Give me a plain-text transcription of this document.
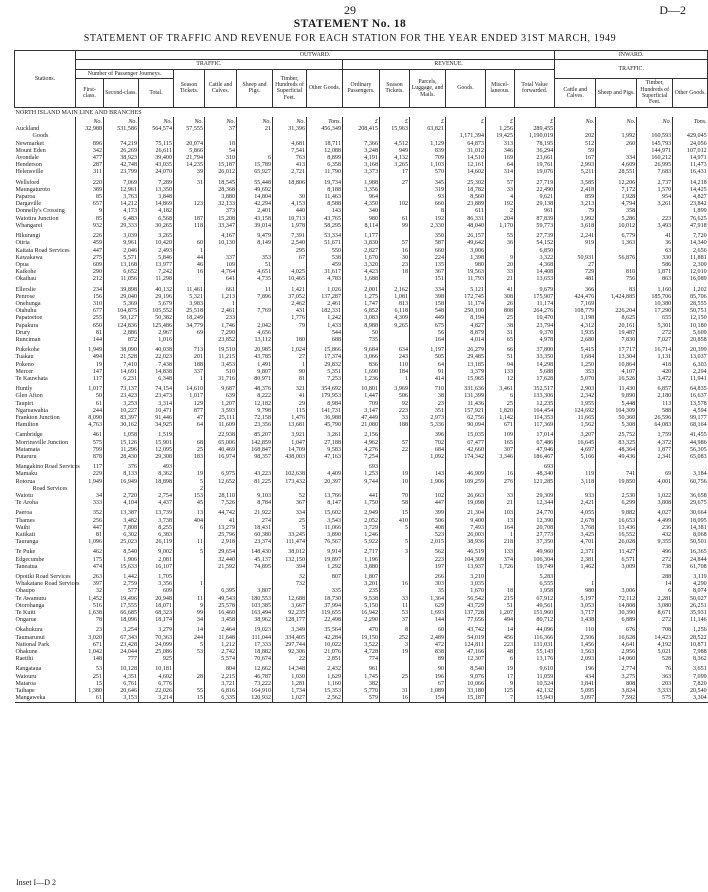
29	D—2
STATEMENT No. 18
STATEMENT OF TRAFFIC AND REVENUE FOR EACH STATION FOR THE YEAR ENDED 31ST MARCH, 1949
Stations.	OUTWARD.														INWARD.			
	TRAFFIC.								REVENUE.						TRAFFIC.			
	Number of Passenger Journeys.			Season Tickets.	Cattle and Calves.	Sheep and Pigs.	Timber, Hundreds of Superficial Feet.	Other Goods.	Ordinary Passengers.	Season Tickets.	Parcels, Luggage, and Mails.	Goods.	Miscel-laneous.	Total Value forwarded.				
	First-class.	Second-class.	Total.												Cattle and Calves.	Sheep and Pigs.	Timber, Hundreds of Superficial Feet.	Other Goods.
NORTH ISLAND MAIN LINE AND BRANCHES																		
	No.	No.	No.	No.	No.	No.	No.	Tons.	£	£	£	£	£	£	No.	No.	No.	Tons.
Auckland	32,988	531,586	564,574	57,555	37	21	31,396	456,349	208,415	15,963	63,821		1,256	289,455				
Goods												1,171,394	19,425	1,190,019	202	1,992	160,593	429,045
Newmarket	896	74,219	75,115	20,074	18		4,681	18,711	7,366	4,512	1,129	64,873	313	78,195	512	260	145,793	24,056
Mount Eden	342	26,269	26,611	5,866	54		7,541	12,088	3,248	949	839	31,012	346	36,294	59		144,971	107,012
Avondale	477	38,923	39,400	21,794	310	6	763	8,899	4,191	4,132	709	14,510	169	23,661	167	334	160,212	14,971
Henderson	287	42,748	43,035	14,235	15,187	15,789	413	6,358	3,168	3,265	1,103	12,161	64	19,761	2,993	4,609	26,995	11,473
Helensville	311	23,799	24,070	39	26,012	65,927	2,721	11,790	3,373	17	570	14,602	314	19,076	5,211	28,551	7,683	16,431

Wellsford	220	7,069	7,289	31	18,545	55,448	18,806	19,734	1,988	27	345	25,302	57	27,719	3,585	12,206	2,737	14,218
Maungaturoto	389	12,961	13,350		28,368	49,692		8,188	3,356		319	18,782	33	22,490	2,418	7,172	1,570	14,425
Paparoa	85	3,763	3,848		3,880	14,804	30	11,463	964		93	8,560	4	9,621	859	1,928	954	4,827
Dargaville	657	14,212	14,869	123	32,133	42,294	4,153	8,588	4,350	102	660	23,889	192	29,138	3,213	4,794	3,261	23,842
Donnelly's Crossing	9	4,173	4,182		373	2,401	440	143	340		8	611	2	961	79	358		1,899
Waiotira Junction	85	6,483	6,568	187	15,208	43,158	10,713	43,765	980	61	192	86,331	204	87,839	1,992	5,286	223	76,625
Whangarei	932	29,333	30,265	118	33,347	39,014	1,978	58,295	8,114	99	2,330	48,040	1,170	59,773	3,618	10,012	3,493	47,918

Hikurangi	226	3,039	3,265		4,167	9,479	7,391	53,334	1,177		350	26,157	55	27,739	2,241	6,779	41	7,720
Otiria	459	9,961	10,420	60	10,130	8,149	2,540	51,671	3,830	57	587	49,642	36	54,152	919	1,363	36	14,340
Kaitaia Road Services	447	2,046	2,493	1			295	550	2,827	16	660	3,006		6,850			63	2,656
Kawakawa	275	5,571	5,846	44	337	353	67	538	1,670	30	224	1,398	9	3,322	50,931	56,876	330	11,881
Opua	609	13,168	13,977	46	109	51		459	3,320	23	135	980	20	4,368	27		586	2,300
Kaikohe	290	6,652	7,242	16	4,764	4,651	4,025	31,617	4,423	18	367	19,563	33	14,408	729	810	1,871	12,010
Okaihau	212	11,056	11,298		641	4,735	10,465	4,783	1,688		151	11,793	21	13,653	481	756	863	16,089

Ellerslie	234	39,898	40,132	11,461	661	11	1,421	1,026	2,001	2,162	334	5,121	41	9,679	366	83	1,160	1,202
Penrose	156	29,040	29,196	5,321	1,213	7,896	37,052	137,287	1,275	1,081	398	172,745	308	175,907	424,476	1,424,885	185,706	85,706
Onehunga	310	5,369	5,679	3,983	1		2,462	2,461	1,747	813	158	11,174	26	11,174	7,169		10,380	28,555
Otahuhu	677	104,875	105,552	25,518	2,461	7,769	431	182,331	6,852	6,118	548	250,100	808	264,276	108,779	226,204	17,290	50,751
Papatoetoe	255	50,127	50,382	18,249	233		1,776	1,242	3,083	4,309	449	8,194	25	10,470	1,198	8,625	655	12,150
Papakura	650	124,836	125,486	34,779	1,746	2,042	79	1,433	8,988	9,265	675	4,827	38	23,794	4,312	20,161	5,301	10,180
Drury	81	2,886	2,967	69	7,290	4,656		544	50		56	8,879	31	9,370	1,935	19,487	272	5,609
Runciman	144	872	1,016		23,852	13,112	180	688	735		164	4,014	65	4,978	2,680	7,830	7,027	20,858

Pukekohe	1,949	38,090	40,038	713	19,510	20,985	1,024	15,866	9,684	634	1,197	26,279	66	37,800	5,415	17,717	16,714	20,399
Tuakau	494	21,528	22,023	201	11,215	43,785	27	17,374	3,066	243	505	29,485	51	33,350	1,684	13,304	1,131	13,037
Pokeno	19	7,410	7,438	188	3,453	1,491	1	29,832	836	110	64	13,185	94	14,298	1,250	10,864	418	6,303
Mercer	147	14,691	14,838	337	510	9,807	90	5,351	1,690	184	91	3,379	133	5,688	353	4,107	420	2,294
Te Kauwhata	117	6,231	6,348	1	31,716	80,971	81	7,253	1,236	1	414	15,965	12	17,628	5,070	16,526	3,472	11,941

Huntly	1,017	73,137	74,154	14,610	9,687	48,376	321	354,692	10,801	3,969	710	331,636	3,461	352,517	2,903	11,430	6,857	64,835
Glen Afton	50	23,423	23,473	1,017	639	8,222	41	179,953	1,447	506	38	131,399	6	133,306	2,342	9,890	2,180	16,637
Taupiri	61	3,253	3,314	129	1,207	12,182	29	8,984	709	92	23	11,436	25	12,235	1,955	5,448	113	13,578
Ngaruawahia	244	10,227	10,471	877	3,593	9,798	115	141,731	3,147	223	351	157,921	1,820	164,454	124,692	104,309	588	4,594
Frankton Junction	8,090	83,397	91,446	47	25,111	72,158	1,476	36,988	47,449	33	2,973	62,756	1,142	114,353	11,665	50,360	26,596	99,177
Hamilton	4,763	30,162	34,925	64	11,609	23,356	13,681	45,790	21,080	188	5,336	90,094	671	117,369	1,562	5,308	64,083	68,164

Cambridge	461	1,058	1,519		22,938	85,207	3,921	3,261	2,156		396	15,035	109	17,014	3,207	25,752	1,759	41,455
Morrinsville Junction	575	15,126	15,901	68	65,006	142,859	1,047	27,188	4,962	57	702	67,477	165	67,486	16,645	83,325	4,372	44,986
Matamata	799	11,296	12,095	25	40,469	168,847	14,709	9,583	4,276	22	684	42,660	307	47,946	4,697	48,364	1,877	56,305
Putaruru	878	28,430	29,308	183	16,974	98,357	438,003	47,163	7,254		1,092	174,342	3,346	186,467	5,166	49,436	2,341	65,083

Mangakino Road Services	117	376	493						693					693				
Mamaku	229	8,133	8,362	19	6,975	43,223	102,638	4,409	1,253	19	143	46,909	16	48,340	119	741	69	3,184
Rotorua	1,949	16,949	18,898	5	12,652	81,225	173,432	20,397	9,744	10	1,906	109,259	276	121,285	3,118	19,850	4,001	60,756
Road Services				2														
Waiotu	34	2,720	2,754	153	28,110	9,103	52	13,766	441	70	102	26,663	33	29,309	933	2,530	1,022	36,658
Te Aroha	333	4,104	4,437	45	7,526	8,784	367	8,147	1,750	58	447	19,098	21	12,344	2,421	6,299	3,808	29,675

Paeroa	352	13,387	13,739	13	44,742	21,922	334	15,602	2,949	15	399	21,304	103	24,770	4,055	9,882	4,027	30,664
Thames	256	3,482	3,738	404	41	274	25	3,543	2,052	410	506	9,400	13	12,390	2,678	16,653	4,499	18,095
Waihi	447	7,808	8,255	6	13,279	18,431	5	11,066	3,729	5	408	7,493	164	20,708	3,768	13,436	236	14,381
Katikati	81	6,302	6,383		25,796	60,380	33,245	3,890	1,246		523	26,003	1	27,773	3,425	16,552	432	8,068
Tauranga	1,096	25,023	26,119	11	2,918	23,374	111,474	76,567	5,922	5	2,015	38,936	218	37,350	4,701	26,028	9,355	50,501

Te Puke	462	8,540	9,002	5	29,654	148,430	38,012	9,914	2,717	3	562	46,519	133	49,960	2,371	11,427	496	16,365
Edgecumbe	175	1,906	2,081		32,440	45,137	132,150	19,897	1,196		223	104,309	374	106,304	2,381	6,571	272	24,844
Taneatua	474	15,633	16,107		21,592	74,895	394	1,292	3,880		197	13,937	1,726	19,749	1,462	3,009	738	61,708

Opotiki Road Services	263	1,442	1,705				32	807	1,807		266	3,210		5,283			288	3,119
Whakatane Road Services	397	2,759	3,356	1			732		3,201	16	303	3,035		6,555	1		14	4,290
Ohaupo	32	577	609		6,395	3,807		335	235		35	1,670	18	1,958	980	3,006	6	8,074
Te Awamutu	1,452	19,496	20,948	11	49,543	180,553	12,688	18,730	9,538	33	1,364	56,542	215	67,912	5,197	72,112	2,281	50,027
Otorohanga	516	17,555	18,071	9	25,578	103,385	3,667	37,994	5,150	11	629	43,729	51	49,561	3,053	14,808	3,080	26,251
Te Kuiti	1,638	66,685	68,323	99	16,460	163,494	92,235	119,655	16,942	53	1,693	137,728	1,207	151,960	3,717	30,390	8,671	35,931
Ongarue	78	18,096	18,174	34	3,458	38,962	128,177	22,498	2,290	37	144	77,656	494	80,712	1,438	6,889	272	11,146

Okahukura	23	3,254	3,279	14	2,464	19,023	3,349	35,564	470	8	60	43,742	14	44,096	110	676	708	1,256
Taumarunui	3,020	67,343	70,363	244	11,648	111,044	334,405	42,284	19,150	252	2,489	54,019	456	116,366	2,506	16,628	14,423	28,522
National Park	671	23,428	24,099	5	1,212	17,333	297,744	10,022	3,522	3	472	124,811	223	131,031	1,456	4,641	4,192	10,871
Ohakune	1,042	24,044	25,086	53	2,742	18,882	92,306	21,076	4,728	19	838	47,166	48	55,143	1,563	2,956	5,021	7,988
Raetihi	148	777	925		5,574	70,674	22	2,851	774		89	12,307	6	13,176	2,093	14,060	528	8,362

Rangataua	53	10,128	10,181		804	12,662	14,348	2,432	961		90	8,540	19	9,610	196	2,774	76	3,651
Waiouru	251	4,351	4,602	28	2,215	46,787	1,030	1,629	1,745	25	196	9,076	17	11,059	434	3,275	363	7,099
Mataroa	15	6,761	6,776		3,721	73,222	1,281	1,160	382		67	10,066	9	10,524	1,841	808	203	7,820
Taihape	1,380	20,646	22,026	55	6,816	164,910	1,734	15,353	5,770	31	1,089	33,180	125	42,132	5,095	3,824	3,333	20,540
Mangaweka	61	3,153	3,214	15	6,335	120,932	1,027	2,562	579	16	154	15,187	7	15,943	3,097	7,592	575	3,304
Inset I—D 2
